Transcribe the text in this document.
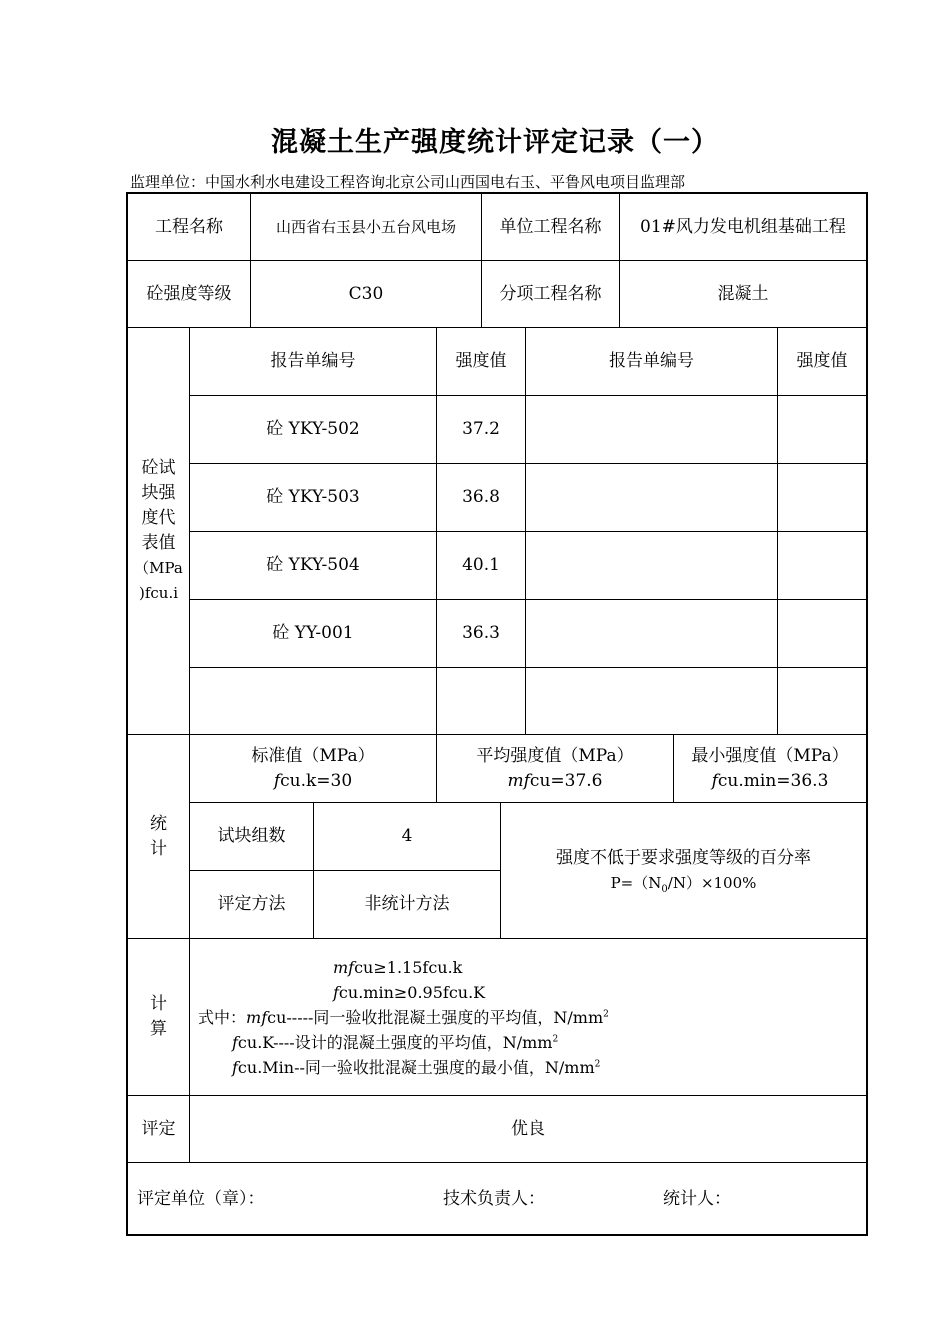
混凝土生产强度统计评定记录（一）
监理单位：中国水利水电建设工程咨询北京公司山西国电右玉、平鲁风电项目监理部
工程名称	山西省右玉县小五台风电场	单位工程名称	01#风力发电机组基础工程
砼强度等级	C30	分项工程名称	混凝土
砼试
块强
度代
表值
（MPa
)fcu.i
报告单编号	强度值	报告单编号	强度值
砼 YKY-502	37.2
砼 YKY-503	36.8
砼 YKY-504	40.1
砼 YY-001	36.3
统
计
标准值（MPa）
fcu.k=30
平均强度值（MPa）
mfcu=37.6
最小强度值（MPa）
fcu.min=36.3
试块组数	4
评定方法	非统计方法
强度不低于要求强度等级的百分率
$P=(N_0/N)\times 100\%$
计
算
mfcu≥1.15fcu.k
fcu.min≥0.95fcu.K
式中：mfcu-----同一验收批混凝土强度的平均值，$N/mm^2$
fcu.K----设计的混凝土强度的平均值，$N/mm^2$
fcu.Min--同一验收批混凝土强度的最小值，$N/mm^2$
评定	优良
评定单位（章）：	技术负责人：	统计人：
